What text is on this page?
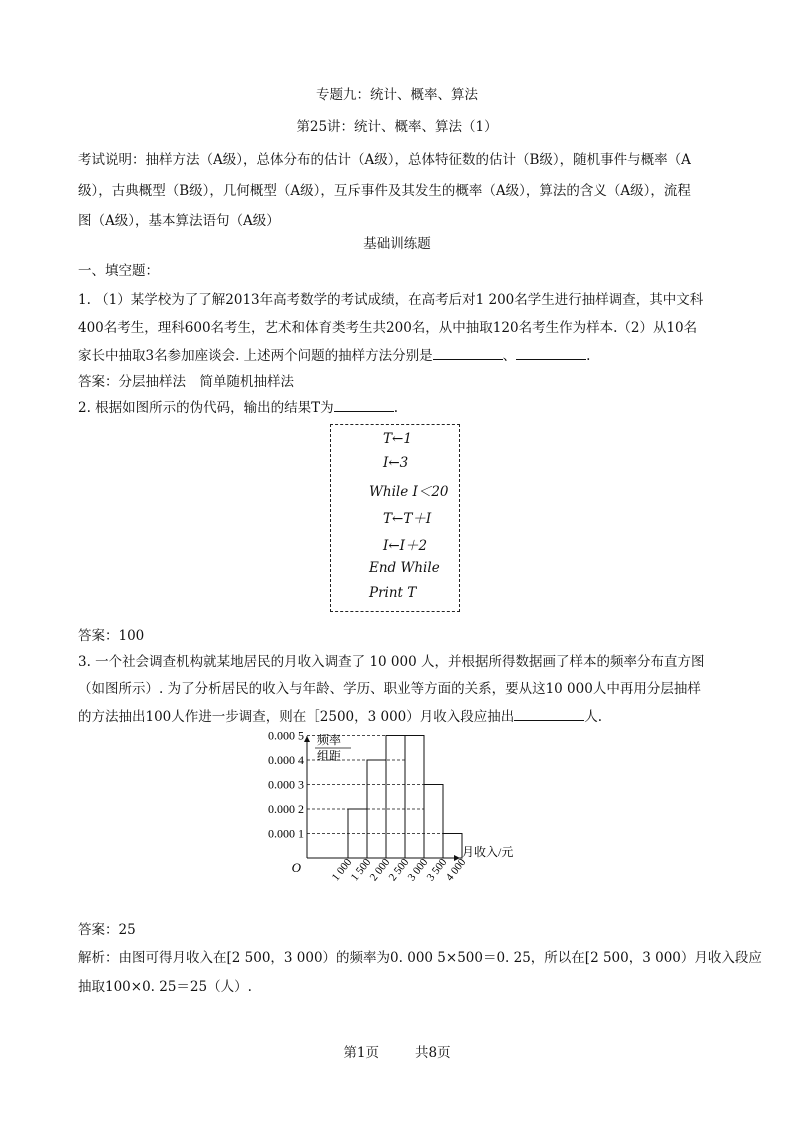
专题九：统计、概率、算法
第25讲：统计、概率、算法（1）
考试说明：抽样方法（A级），总体分布的估计（A级），总体特征数的估计（B级），随机事件与概率（A
级），古典概型（B级），几何概型（A级），互斥事件及其发生的概率（A级），算法的含义（A级），流程
图（A级），基本算法语句（A级）
基础训练题
一、填空题：
1. （1）某学校为了了解2013年高考数学的考试成绩，在高考后对1 200名学生进行抽样调查，其中文科
400名考生，理科600名考生，艺术和体育类考生共200名，从中抽取120名考生作为样本.（2）从10名
家长中抽取3名参加座谈会. 上述两个问题的抽样方法分别是	、	.
答案：分层抽样法　简单随机抽样法
2. 根据如图所示的伪代码，输出的结果T为	.
T←1
I←3
While I＜20
T←T＋I
I←I＋2
End While
Print T
答案：100
3. 一个社会调查机构就某地居民的月收入调查了 10 000 人，并根据所得数据画了样本的频率分布直方图
（如图所示）. 为了分析居民的收入与年龄、学历、职业等方面的关系，要从这10 000人中再用分层抽样
的方法抽出100人作进一步调查，则在［2500，3 000）月收入段应抽出	人.
频率
组距
月收入/元
O
0.000 1
0.000 2
0.000 3
0.000 4
0.000 5
1 000
1 500
2 000
2 500
3 000
3 500
4 000
答案：25
解析：由图可得月收入在[2 500，3 000）的频率为0. 000 5×500＝0. 25，所以在[2 500，3 000）月收入段应
抽取100×0. 25＝25（人）.
第1页	共8页
